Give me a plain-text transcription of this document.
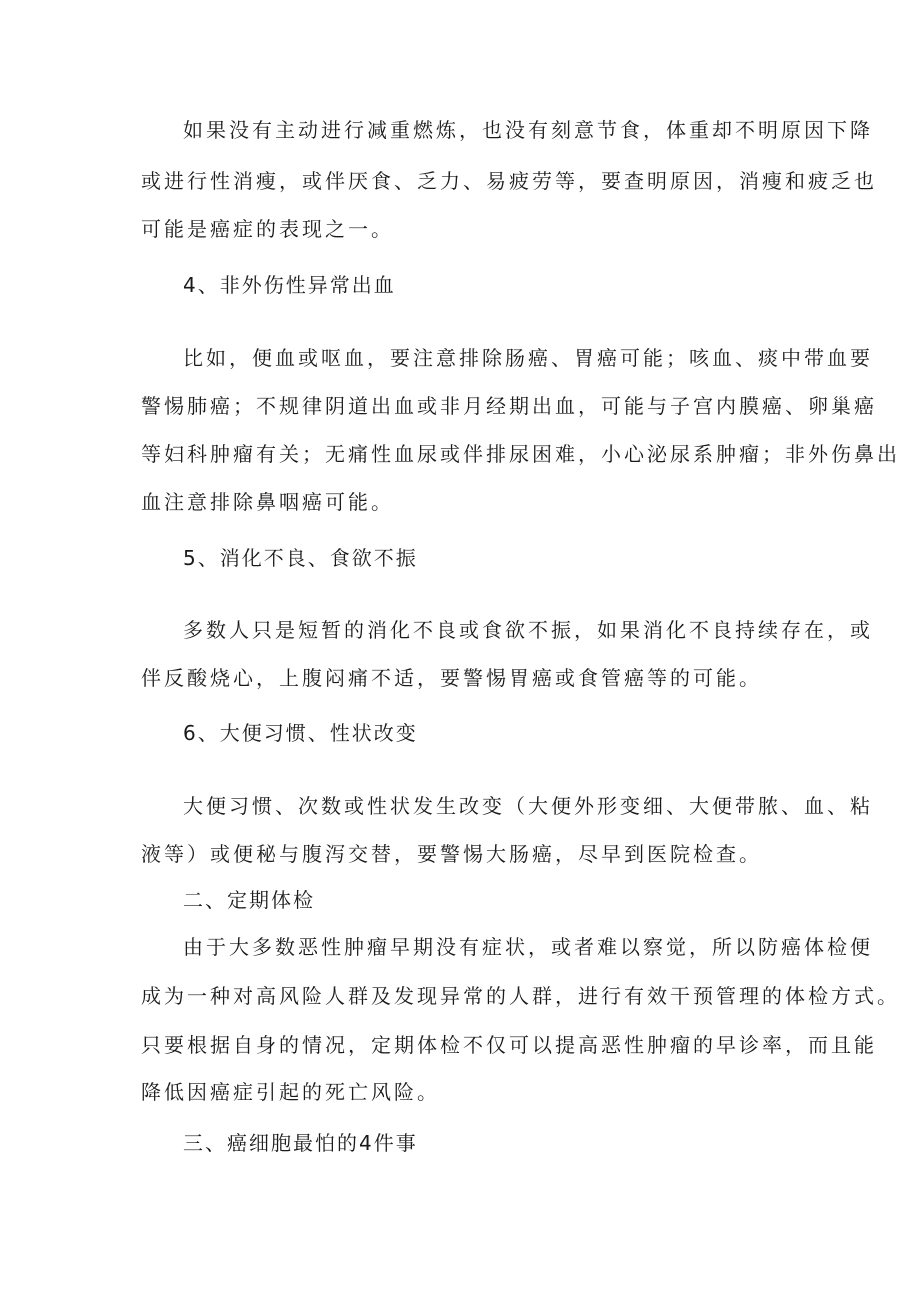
如果没有主动进行减重燃炼，也没有刻意节食，体重却不明原因下降
或进行性消瘦，或伴厌食、乏力、易疲劳等，要查明原因，消瘦和疲乏也
可能是癌症的表现之一。
4、非外伤性异常出血
比如，便血或呕血，要注意排除肠癌、胃癌可能；咳血、痰中带血要
警惕肺癌；不规律阴道出血或非月经期出血，可能与子宫内膜癌、卵巢癌
等妇科肿瘤有关；无痛性血尿或伴排尿困难，小心泌尿系肿瘤；非外伤鼻出
血注意排除鼻咽癌可能。
5、消化不良、食欲不振
多数人只是短暂的消化不良或食欲不振，如果消化不良持续存在，或
伴反酸烧心，上腹闷痛不适，要警惕胃癌或食管癌等的可能。
6、大便习惯、性状改变
大便习惯、次数或性状发生改变（大便外形变细、大便带脓、血、粘
液等）或便秘与腹泻交替，要警惕大肠癌，尽早到医院检查。
二、定期体检
由于大多数恶性肿瘤早期没有症状，或者难以察觉，所以防癌体检便
成为一种对高风险人群及发现异常的人群，进行有效干预管理的体检方式。
只要根据自身的情况，定期体检不仅可以提高恶性肿瘤的早诊率，而且能
降低因癌症引起的死亡风险。
三、癌细胞最怕的4件事
